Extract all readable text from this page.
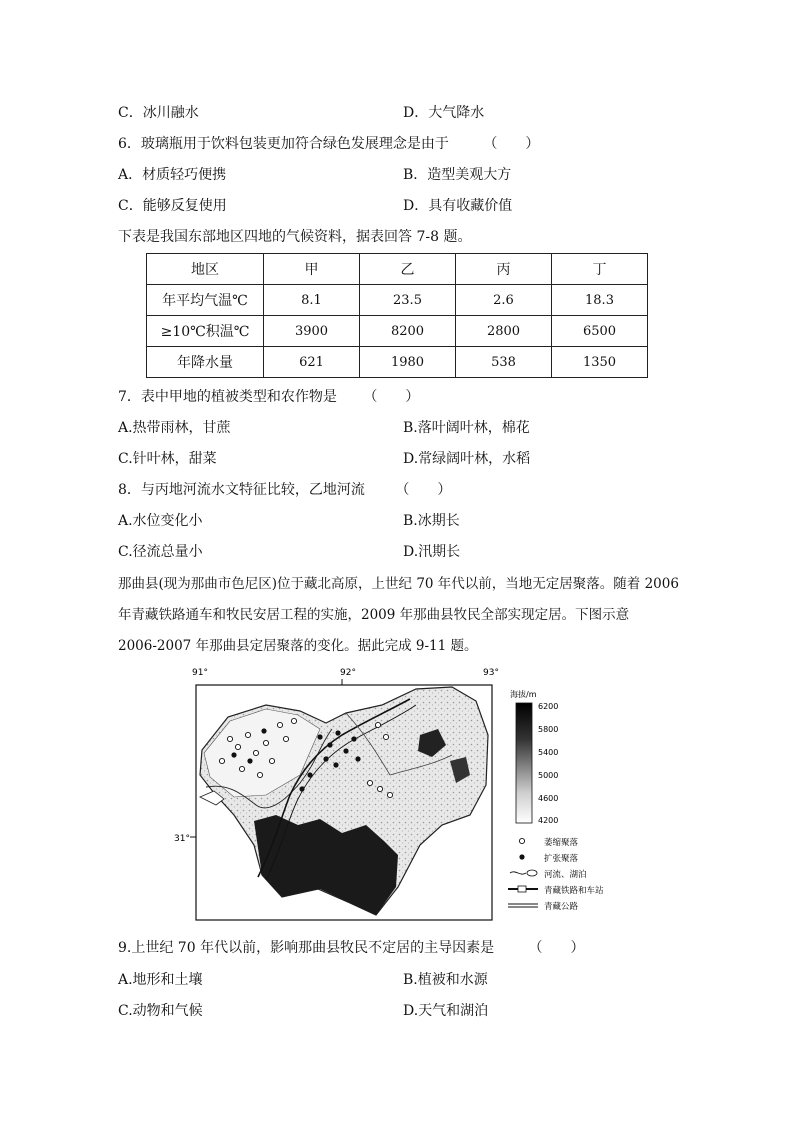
C．冰川融水	D．大气降水
6．玻璃瓶用于饮料包装更加符合绿色发展理念是由于 （　　）
A．材质轻巧便携	B．造型美观大方
C．能够反复使用	D．具有收藏价值
下表是我国东部地区四地的气候资料，据表回答 7-8 题。
地区	甲	乙	丙	丁
年平均气温℃	8.1	23.5	2.6	18.3
≥10℃积温℃	3900	8200	2800	6500
年降水量	621	1980	538	1350
7．表中甲地的植被类型和农作物是 （　　）
A.热带雨林，甘蔗	B.落叶阔叶林，棉花
C.针叶林，甜菜	D.常绿阔叶林，水稻
8．与丙地河流水文特征比较，乙地河流 （　　）
A.水位变化小	B.冰期长
C.径流总量小	D.汛期长
那曲县(现为那曲市色尼区)位于藏北高原，上世纪 70 年代以前，当地无定居聚落。随着 2006
年青藏铁路通车和牧民安居工程的实施，2009 年那曲县牧民全部实现定居。下图示意
2006-2007 年那曲县定居聚落的变化。据此完成 9-11 题。
91°	92°	93°
31°
海拔/m
6200
5800
5400
5000
4600
4200
萎缩聚落
扩张聚落
河流、湖泊
青藏铁路和车站
青藏公路
9.上世纪 70 年代以前，影响那曲县牧民不定居的主导因素是 （　　）
A.地形和土壤	B.植被和水源
C.动物和气候	D.天气和湖泊
